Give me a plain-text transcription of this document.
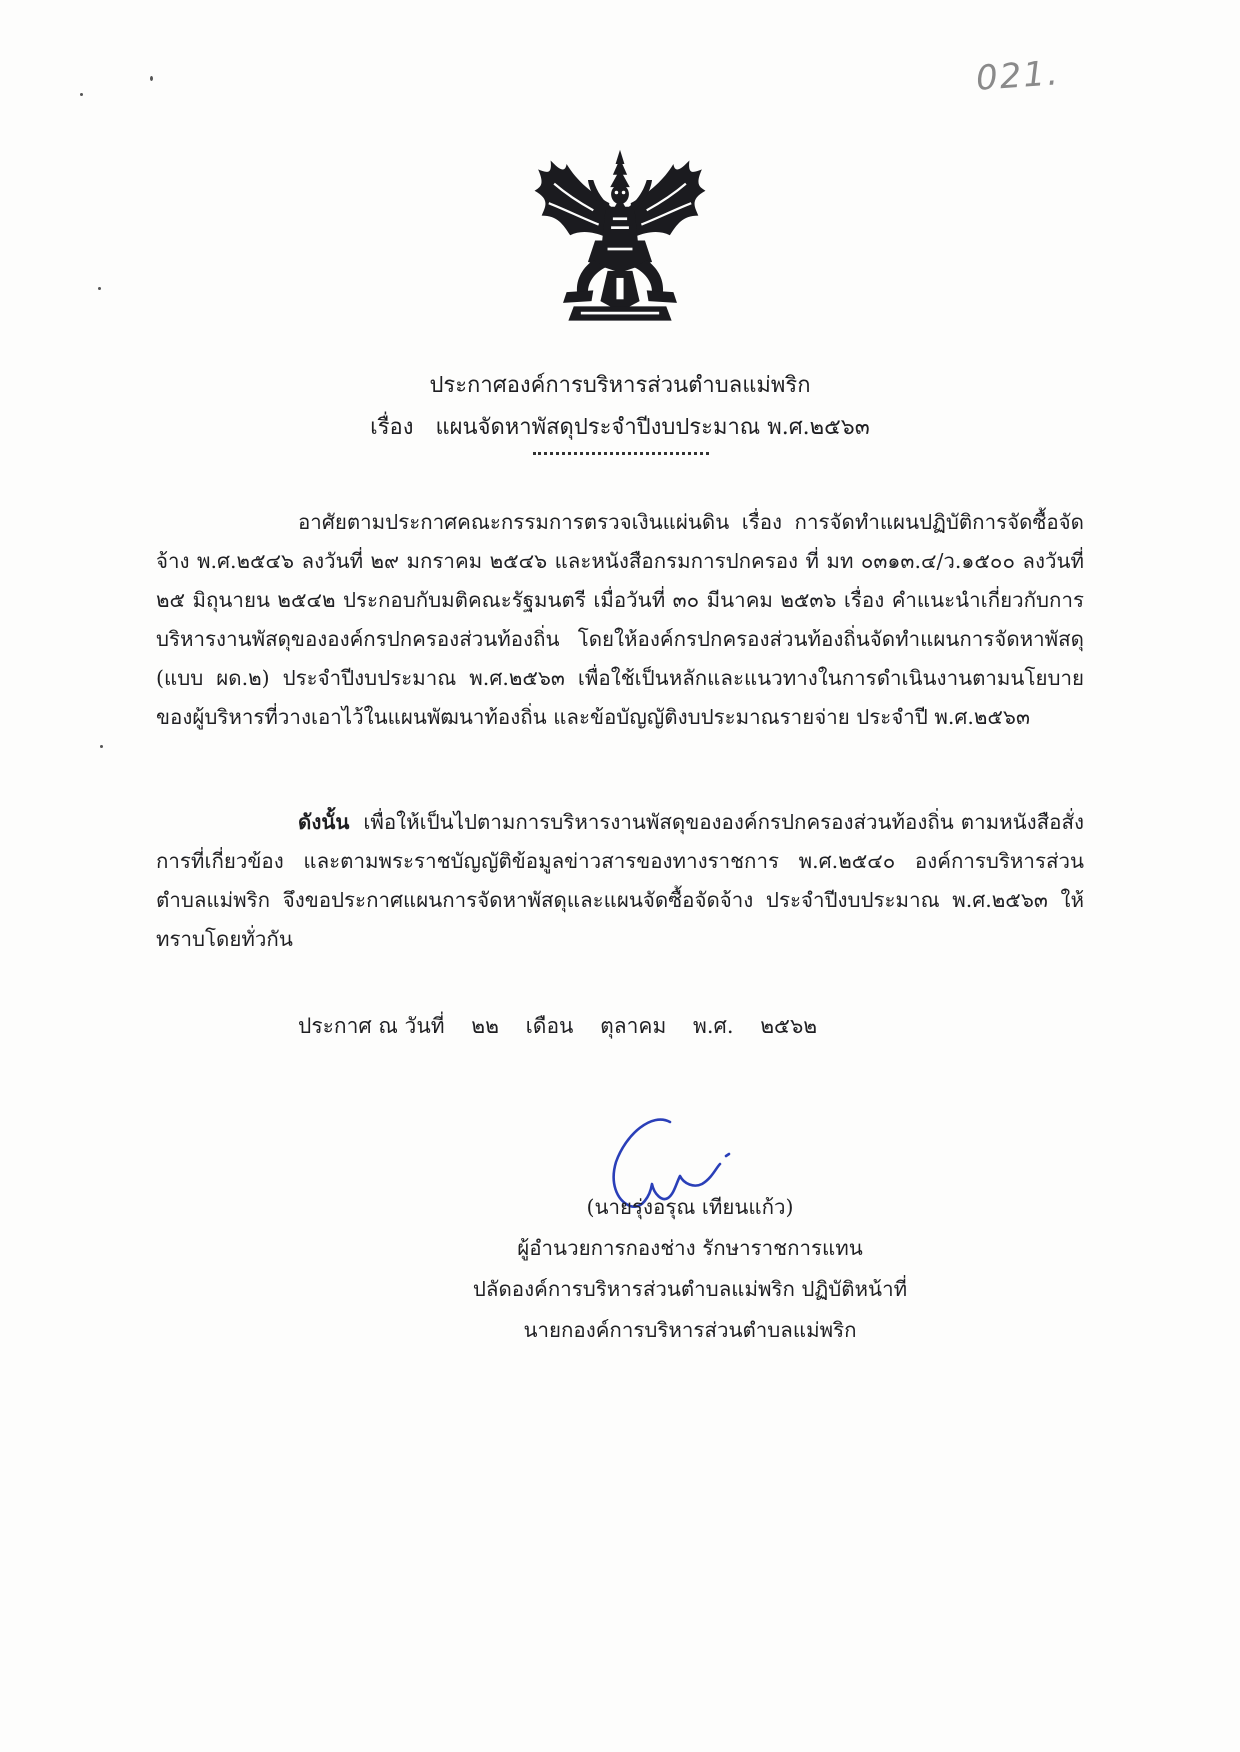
021.
ประกาศองค์การบริหารส่วนตำบลแม่พริก
เรื่อง แผนจัดหาพัสดุประจำปีงบประมาณ พ.ศ.๒๕๖๓

อาศัยตามประกาศคณะกรรมการตรวจเงินแผ่นดิน เรื่อง การจัดทำแผนปฏิบัติการจัดซื้อจัดจ้าง พ.ศ.๒๕๔๖ ลงวันที่ ๒๙ มกราคม ๒๕๔๖ และหนังสือกรมการปกครอง ที่ มท ๐๓๑๓.๔/ว.๑๕๐๐ ลงวันที่ ๒๕ มิถุนายน ๒๕๔๒ ประกอบกับมติคณะรัฐมนตรี เมื่อวันที่ ๓๐ มีนาคม ๒๕๓๖ เรื่อง คำแนะนำเกี่ยวกับการบริหารงานพัสดุขององค์กรปกครองส่วนท้องถิ่น โดยให้องค์กรปกครองส่วนท้องถิ่นจัดทำแผนการจัดหาพัสดุ (แบบ ผด.๒) ประจำปีงบประมาณ พ.ศ.๒๕๖๓ เพื่อใช้เป็นหลักและแนวทางในการดำเนินงานตามนโยบายของผู้บริหารที่วางเอาไว้ในแผนพัฒนาท้องถิ่น และข้อบัญญัติงบประมาณรายจ่าย ประจำปี พ.ศ.๒๕๖๓

ดังนั้น เพื่อให้เป็นไปตามการบริหารงานพัสดุขององค์กรปกครองส่วนท้องถิ่น ตามหนังสือสั่งการที่เกี่ยวข้อง และตามพระราชบัญญัติข้อมูลข่าวสารของทางราชการ พ.ศ.๒๕๔๐ องค์การบริหารส่วนตำบลแม่พริก จึงขอประกาศแผนการจัดหาพัสดุและแผนจัดซื้อจัดจ้าง ประจำปีงบประมาณ พ.ศ.๒๕๖๓ ให้ทราบโดยทั่วกัน

ประกาศ ณ วันที่ ๒๒ เดือน ตุลาคม พ.ศ. ๒๕๖๒
(นายรุ่งอรุณ เทียนแก้ว)
ผู้อำนวยการกองช่าง รักษาราชการแทน
ปลัดองค์การบริหารส่วนตำบลแม่พริก ปฏิบัติหน้าที่
นายกองค์การบริหารส่วนตำบลแม่พริก
